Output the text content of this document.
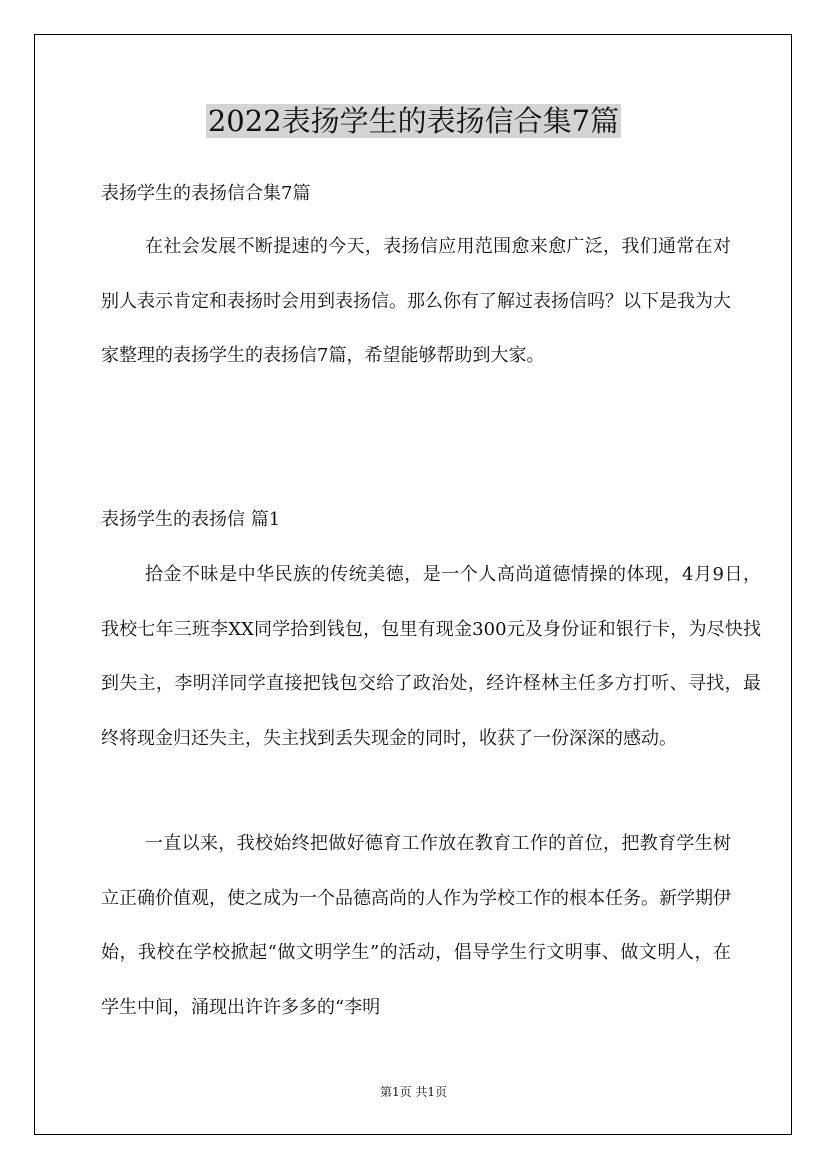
2022表扬学生的表扬信合集7篇
表扬学生的表扬信合集7篇

在社会发展不断提速的今天，表扬信应用范围愈来愈广泛，我们通常在对别人表示肯定和表扬时会用到表扬信。那么你有了解过表扬信吗？以下是我为大家整理的表扬学生的表扬信7篇，希望能够帮助到大家。

表扬学生的表扬信 篇1

拾金不昧是中华民族的传统美德，是一个人高尚道德情操的体现，4月9日，我校七年三班李XX同学拾到钱包，包里有现金300元及身份证和银行卡，为尽快找到失主，李明洋同学直接把钱包交给了政治处，经许柽林主任多方打听、寻找，最终将现金归还失主，失主找到丢失现金的同时，收获了一份深深的感动。

一直以来，我校始终把做好德育工作放在教育工作的首位，把教育学生树立正确价值观，使之成为一个品德高尚的人作为学校工作的根本任务。新学期伊始，我校在学校掀起“做文明学生”的活动，倡导学生行文明事、做文明人，在学生中间，涌现出许许多多的“李明

第1页 共1页
